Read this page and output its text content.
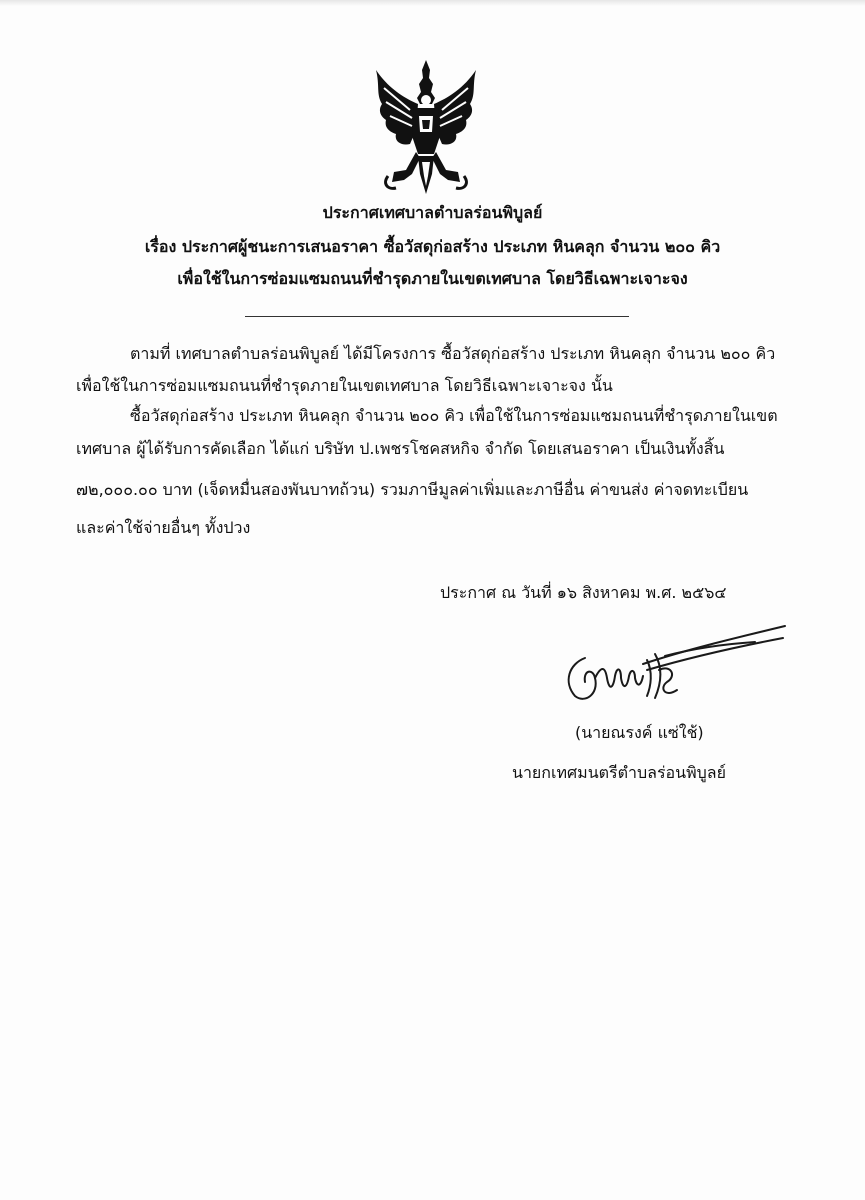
ประกาศเทศบาลตำบลร่อนพิบูลย์
เรื่อง ประกาศผู้ชนะการเสนอราคา ซื้อวัสดุก่อสร้าง ประเภท หินคลุก จำนวน ๒๐๐ คิว
เพื่อใช้ในการซ่อมแซมถนนที่ชำรุดภายในเขตเทศบาล โดยวิธีเฉพาะเจาะจง
ตามที่ เทศบาลตำบลร่อนพิบูลย์ ได้มีโครงการ ซื้อวัสดุก่อสร้าง ประเภท หินคลุก จำนวน ๒๐๐ คิว
เพื่อใช้ในการซ่อมแซมถนนที่ชำรุดภายในเขตเทศบาล โดยวิธีเฉพาะเจาะจง นั้น
ซื้อวัสดุก่อสร้าง ประเภท หินคลุก จำนวน ๒๐๐ คิว เพื่อใช้ในการซ่อมแซมถนนที่ชำรุดภายในเขต
เทศบาล ผู้ได้รับการคัดเลือก ได้แก่ บริษัท ป.เพชรโชคสหกิจ จำกัด โดยเสนอราคา เป็นเงินทั้งสิ้น
๗๒,๐๐๐.๐๐ บาท (เจ็ดหมื่นสองพันบาทถ้วน) รวมภาษีมูลค่าเพิ่มและภาษีอื่น ค่าขนส่ง ค่าจดทะเบียน
และค่าใช้จ่ายอื่นๆ ทั้งปวง
ประกาศ ณ วันที่ ๑๖ สิงหาคม พ.ศ. ๒๕๖๔
(นายณรงค์ แซ่ใช้)
นายกเทศมนตรีตำบลร่อนพิบูลย์
